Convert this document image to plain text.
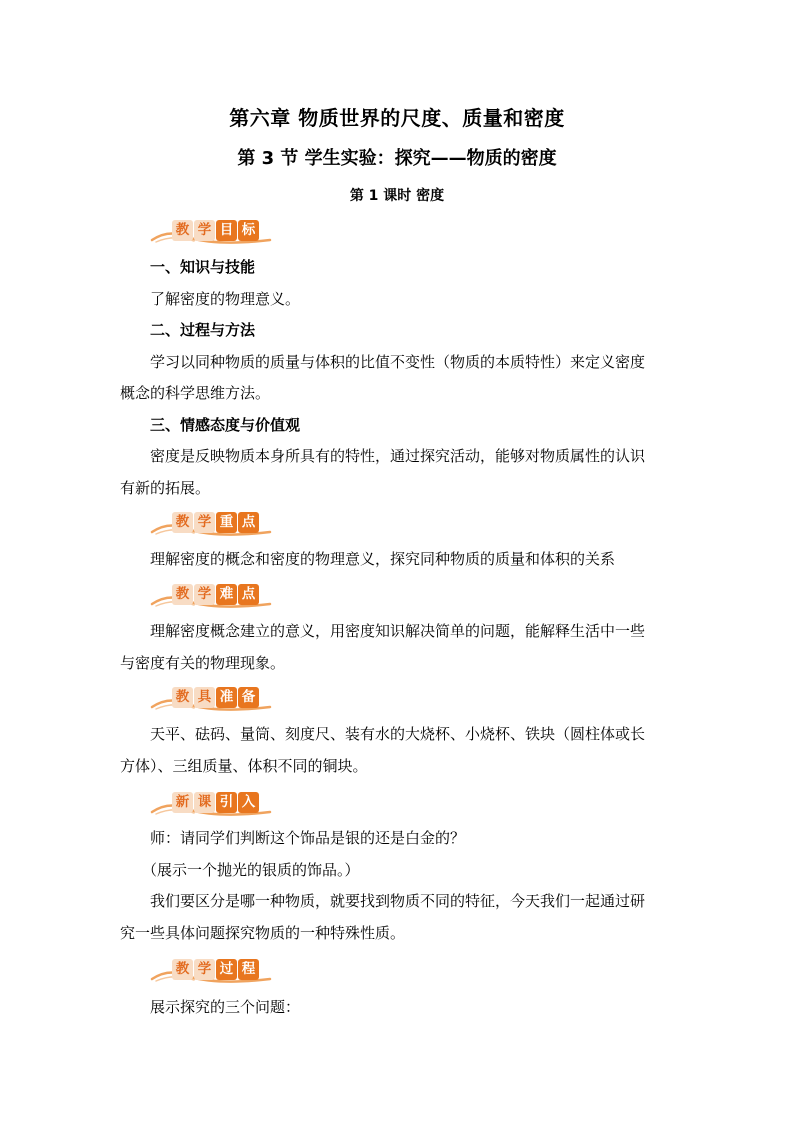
第六章 物质世界的尺度、质量和密度
第 3 节 学生实验：探究——物质的密度
第 1 课时 密度
教 学 目 标

一、知识与技能

了解密度的物理意义。

二、过程与方法

学习以同种物质的质量与体积的比值不变性（物质的本质特性）来定义密度

概念的科学思维方法。

三、情感态度与价值观

密度是反映物质本身所具有的特性，通过探究活动，能够对物质属性的认识

有新的拓展。

教 学 重 点

理解密度的概念和密度的物理意义，探究同种物质的质量和体积的关系

教 学 难 点

理解密度概念建立的意义，用密度知识解决简单的问题，能解释生活中一些

与密度有关的物理现象。

教 具 准 备

天平、砝码、量筒、刻度尺、装有水的大烧杯、小烧杯、铁块（圆柱体或长

方体）、三组质量、体积不同的铜块。

新 课 引 入

师：请同学们判断这个饰品是银的还是白金的？

（展示一个抛光的银质的饰品。）

我们要区分是哪一种物质，就要找到物质不同的特征，今天我们一起通过研

究一些具体问题探究物质的一种特殊性质。

教 学 过 程

展示探究的三个问题：
